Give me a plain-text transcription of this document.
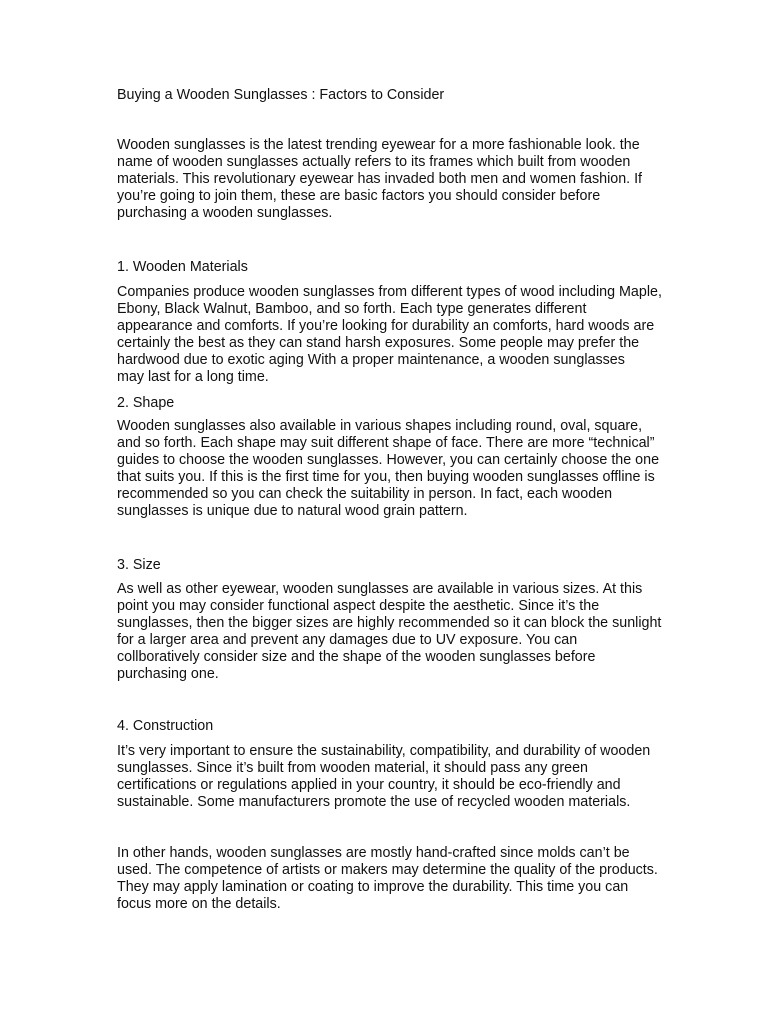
Buying a Wooden Sunglasses : Factors to Consider
Wooden sunglasses is the latest trending eyewear for a more fashionable look. the
name of wooden sunglasses actually refers to its frames which built from wooden
materials. This revolutionary eyewear has invaded both men and women fashion. If
you’re going to join them, these are basic factors you should consider before
purchasing a wooden sunglasses.
1. Wooden Materials
Companies produce wooden sunglasses from different types of wood including Maple,
Ebony, Black Walnut, Bamboo, and so forth. Each type generates different
appearance and comforts. If you’re looking for durability an comforts, hard woods are
certainly the best as they can stand harsh exposures. Some people may prefer the
hardwood due to exotic aging With a proper maintenance, a wooden sunglasses
may last for a long time.
2. Shape
Wooden sunglasses also available in various shapes including round, oval, square,
and so forth. Each shape may suit different shape of face. There are more “technical”
guides to choose the wooden sunglasses. However, you can certainly choose the one
that suits you. If this is the first time for you, then buying wooden sunglasses offline is
recommended so you can check the suitability in person. In fact, each wooden
sunglasses is unique due to natural wood grain pattern.
3. Size
As well as other eyewear, wooden sunglasses are available in various sizes. At this
point you may consider functional aspect despite the aesthetic. Since it’s the
sunglasses, then the bigger sizes are highly recommended so it can block the sunlight
for a larger area and prevent any damages due to UV exposure. You can
collboratively consider size and the shape of the wooden sunglasses before
purchasing one.
4. Construction
It’s very important to ensure the sustainability, compatibility, and durability of wooden
sunglasses. Since it’s built from wooden material, it should pass any green
certifications or regulations applied in your country, it should be eco-friendly and
sustainable. Some manufacturers promote the use of recycled wooden materials.
In other hands, wooden sunglasses are mostly hand-crafted since molds can’t be
used. The competence of artists or makers may determine the quality of the products.
They may apply lamination or coating to improve the durability. This time you can
focus more on the details.
